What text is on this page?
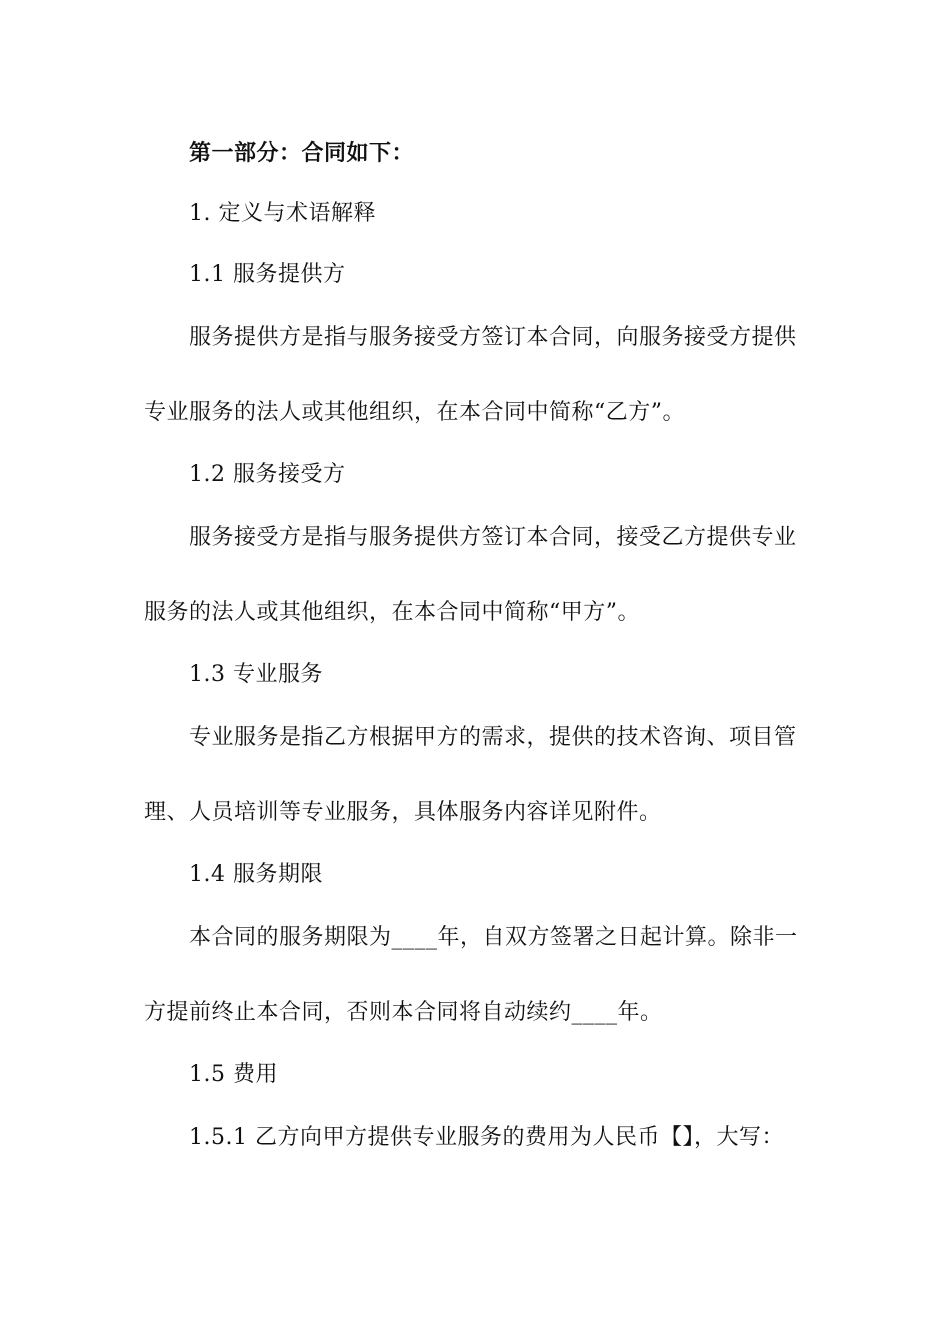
第一部分：合同如下：

1. 定义与术语解释

1.1 服务提供方

服务提供方是指与服务接受方签订本合同，向服务接受方提供

专业服务的法人或其他组织，在本合同中简称“乙方”。

1.2 服务接受方

服务接受方是指与服务提供方签订本合同，接受乙方提供专业

服务的法人或其他组织，在本合同中简称“甲方”。

1.3 专业服务

专业服务是指乙方根据甲方的需求，提供的技术咨询、项目管

理、人员培训等专业服务，具体服务内容详见附件。

1.4 服务期限

本合同的服务期限为____年，自双方签署之日起计算。除非一

方提前终止本合同，否则本合同将自动续约____年。

1.5 费用

1.5.1 乙方向甲方提供专业服务的费用为人民币【】，大写：
